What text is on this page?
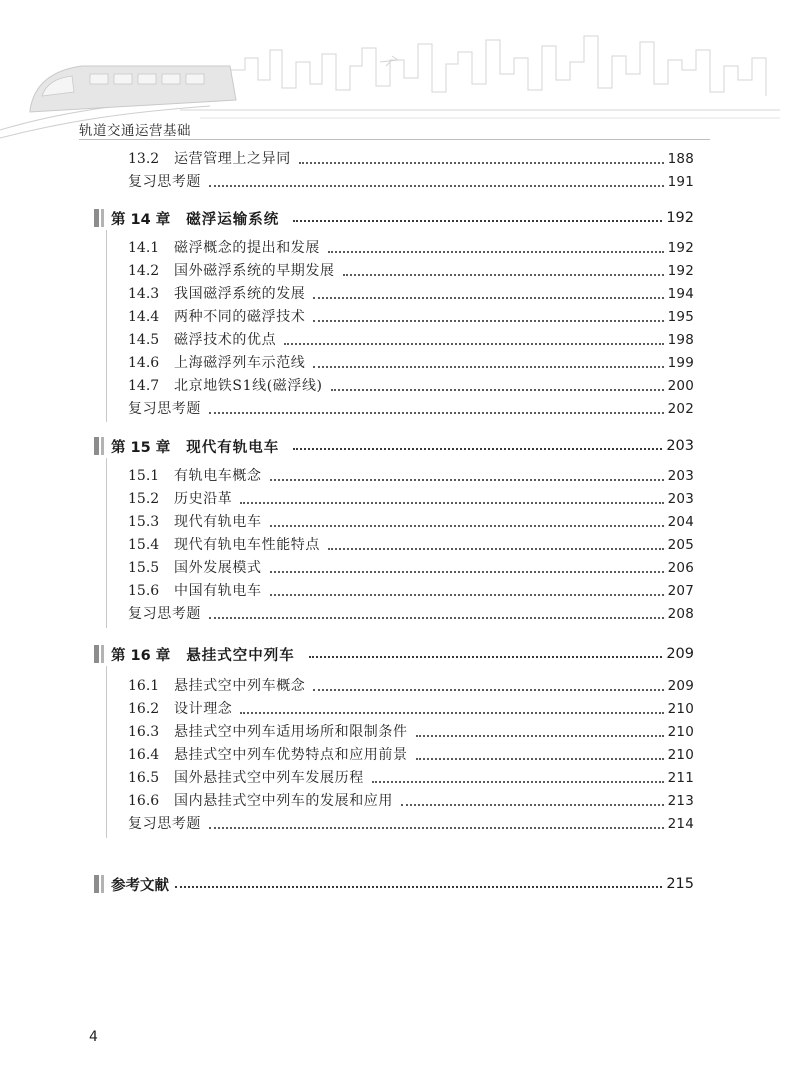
轨道交通运营基础
13.2	运营管理上之异同	188
复习思考题	191
第 14 章 磁浮运输系统	192
14.1	磁浮概念的提出和发展	192
14.2	国外磁浮系统的早期发展	192
14.3	我国磁浮系统的发展	194
14.4	两种不同的磁浮技术	195
14.5	磁浮技术的优点	198
14.6	上海磁浮列车示范线	199
14.7	北京地铁S1线(磁浮线)	200
复习思考题	202
第 15 章 现代有轨电车	203
15.1	有轨电车概念	203
15.2	历史沿革	203
15.3	现代有轨电车	204
15.4	现代有轨电车性能特点	205
15.5	国外发展模式	206
15.6	中国有轨电车	207
复习思考题	208
第 16 章 悬挂式空中列车	209
16.1	悬挂式空中列车概念	209
16.2	设计理念	210
16.3	悬挂式空中列车适用场所和限制条件	210
16.4	悬挂式空中列车优势特点和应用前景	210
16.5	国外悬挂式空中列车发展历程	211
16.6	国内悬挂式空中列车的发展和应用	213
复习思考题	214
参考文献	215
4
